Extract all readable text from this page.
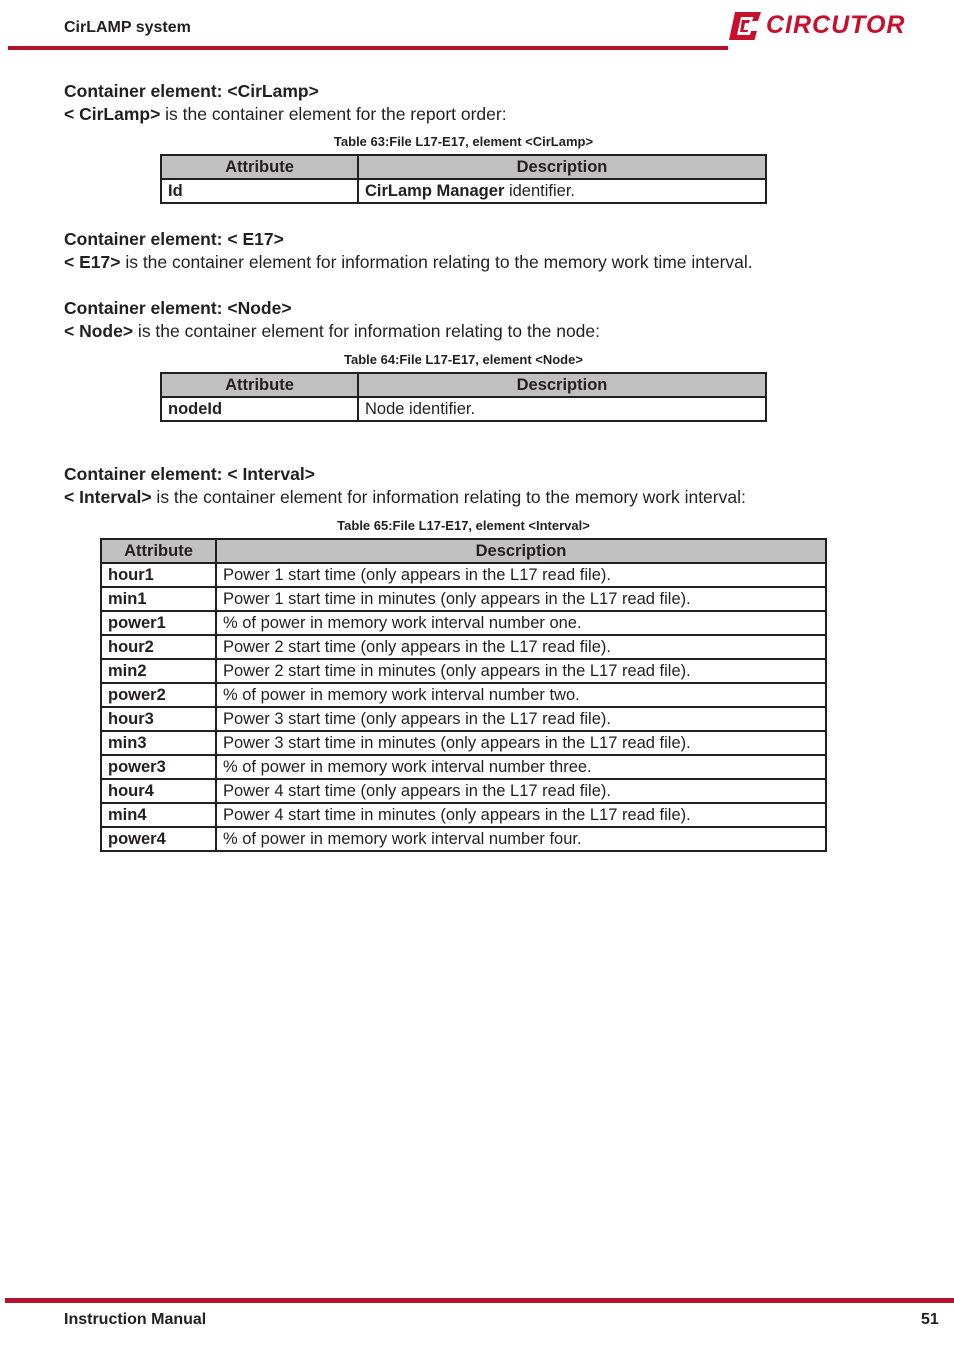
CirLAMP system	CIRCUTOR
Container element: <CirLamp>
< CirLamp> is the container element for the report order:
Table 63:File L17-E17, element <CirLamp>
Attribute	Description
Id	CirLamp Manager identifier.
Container element: < E17>
< E17> is the container element for information relating to the memory work time interval.
Container element: <Node>
< Node> is the container element for information relating to the node:
Table 64:File L17-E17, element <Node>
Attribute	Description
nodeId	Node identifier.
Container element: < Interval>
< Interval> is the container element for information relating to the memory work interval:
Table 65:File L17-E17, element <Interval>
Attribute	Description
hour1	Power 1 start time (only appears in the L17 read file).
min1	Power 1 start time in minutes (only appears in the L17 read file).
power1	% of power in memory work interval number one.
hour2	Power 2 start time (only appears in the L17 read file).
min2	Power 2 start time in minutes (only appears in the L17 read file).
power2	% of power in memory work interval number two.
hour3	Power 3 start time (only appears in the L17 read file).
min3	Power 3 start time in minutes (only appears in the L17 read file).
power3	% of power in memory work interval number three.
hour4	Power 4 start time (only appears in the L17 read file).
min4	Power 4 start time in minutes (only appears in the L17 read file).
power4	% of power in memory work interval number four.
Instruction Manual	51
